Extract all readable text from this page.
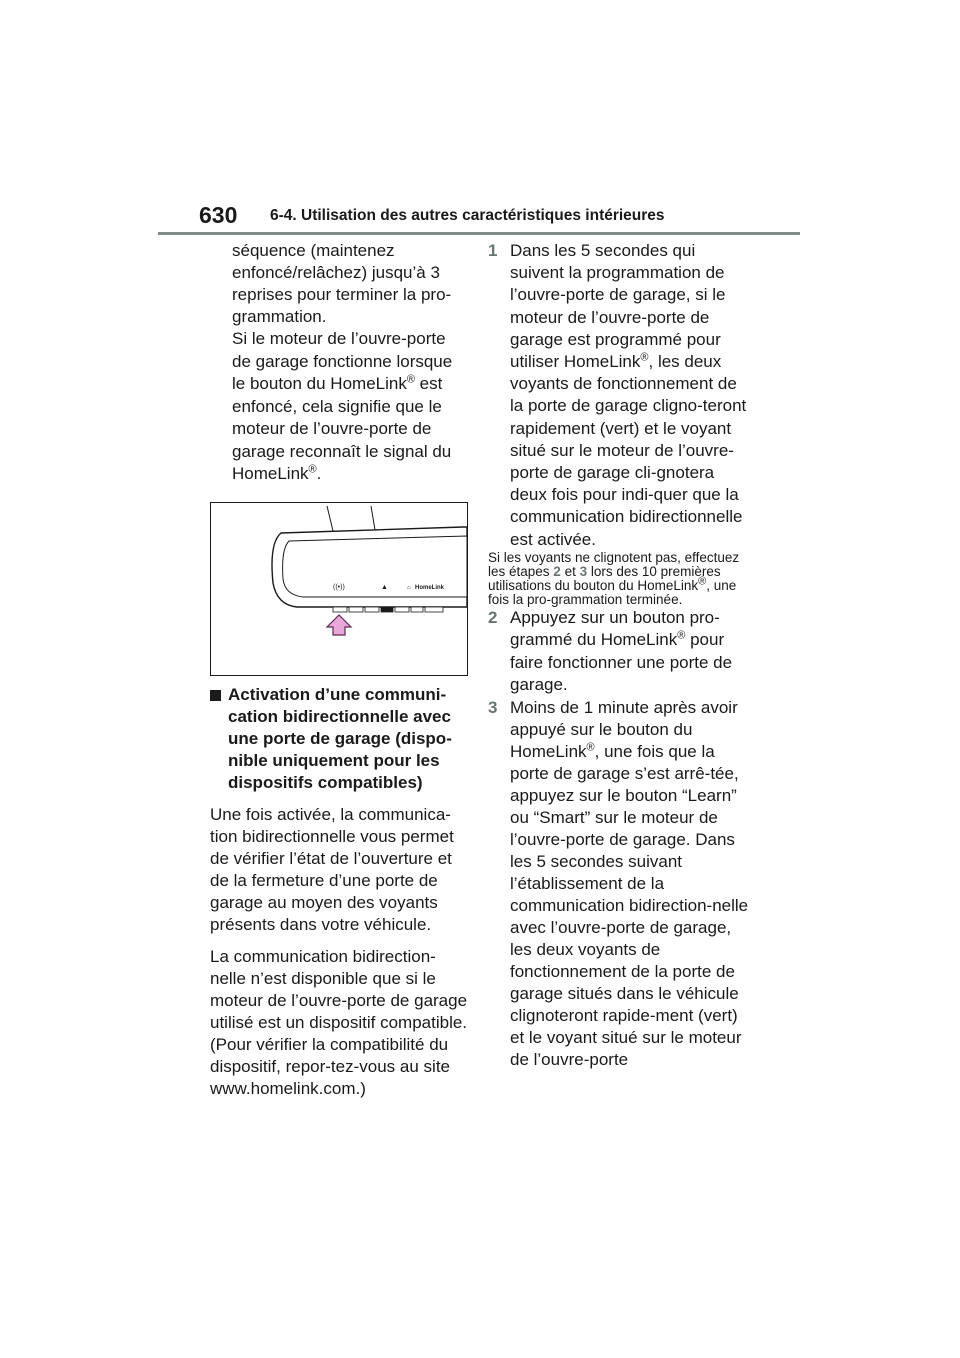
630 6-4. Utilisation des autres caractéristiques intérieures

séquence (maintenez enfoncé/relâchez) jusqu’à 3 reprises pour terminer la pro-grammation.

Si le moteur de l’ouvre-porte de garage fonctionne lorsque le bouton du HomeLink® est enfoncé, cela signifie que le moteur de l’ouvre-porte de garage reconnaît le signal du HomeLink®.

((•))	▲	⌂ HomeLink

Activation d’une communi-cation bidirectionnelle avec une porte de garage (dispo-nible uniquement pour les dispositifs compatibles)

Une fois activée, la communica-tion bidirectionnelle vous permet de vérifier l’état de l’ouverture et de la fermeture d’une porte de garage au moyen des voyants présents dans votre véhicule.

La communication bidirection-nelle n’est disponible que si le moteur de l’ouvre-porte de garage utilisé est un dispositif compatible. (Pour vérifier la compatibilité du dispositif, repor-tez-vous au site www.homelink.com.)

1 Dans les 5 secondes qui suivent la programmation de l’ouvre-porte de garage, si le moteur de l’ouvre-porte de garage est programmé pour utiliser HomeLink®, les deux voyants de fonctionnement de la porte de garage cligno-teront rapidement (vert) et le voyant situé sur le moteur de l’ouvre-porte de garage cli-gnotera deux fois pour indi-quer que la communication bidirectionnelle est activée.

Si les voyants ne clignotent pas, effectuez les étapes 2 et 3 lors des 10 premières utilisations du bouton du HomeLink®, une fois la pro-grammation terminée.

2 Appuyez sur un bouton pro-grammé du HomeLink® pour faire fonctionner une porte de garage.

3 Moins de 1 minute après avoir appuyé sur le bouton du HomeLink®, une fois que la porte de garage s’est arrê-tée, appuyez sur le bouton “Learn” ou “Smart” sur le moteur de l’ouvre-porte de garage. Dans les 5 secondes suivant l’établissement de la communication bidirection-nelle avec l’ouvre-porte de garage, les deux voyants de fonctionnement de la porte de garage situés dans le véhicule clignoteront rapide-ment (vert) et le voyant situé sur le moteur de l’ouvre-porte
